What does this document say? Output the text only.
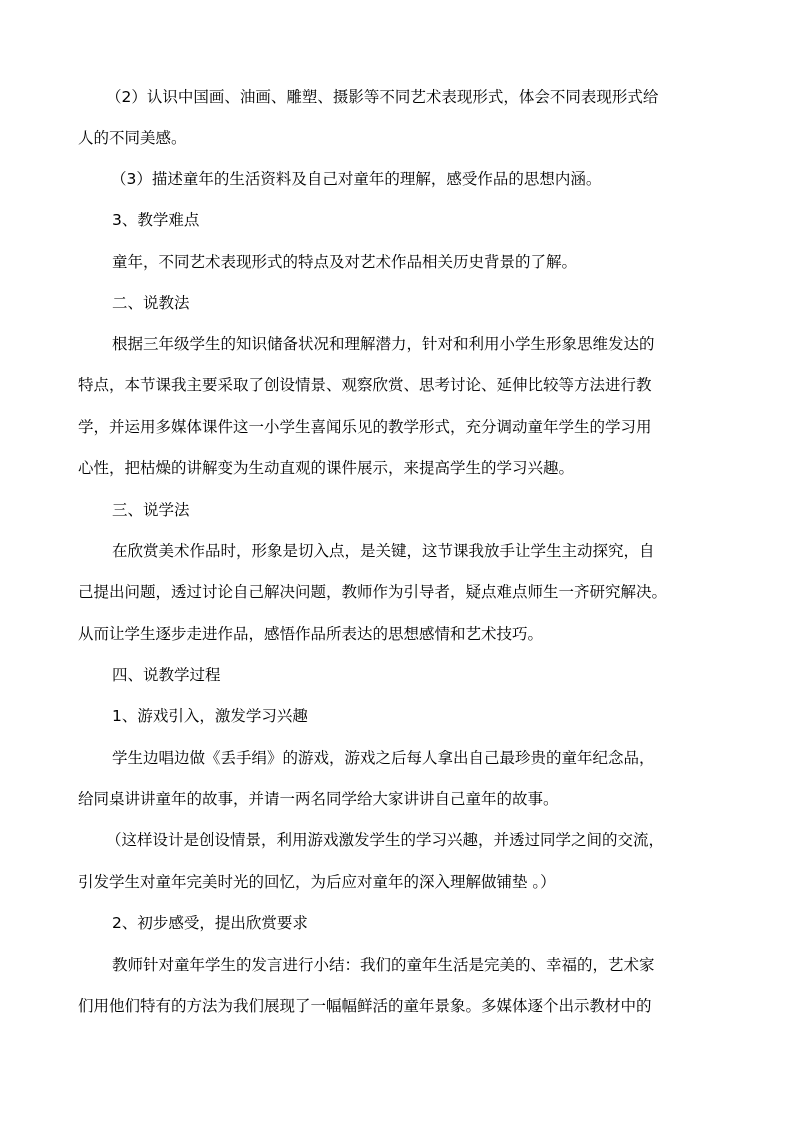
（2）认识中国画、油画、雕塑、摄影等不同艺术表现形式，体会不同表现形式给
人的不同美感。
（3）描述童年的生活资料及自己对童年的理解，感受作品的思想内涵。
3、教学难点
童年，不同艺术表现形式的特点及对艺术作品相关历史背景的了解。
二、说教法
根据三年级学生的知识储备状况和理解潜力，针对和利用小学生形象思维发达的
特点，本节课我主要采取了创设情景、观察欣赏、思考讨论、延伸比较等方法进行教
学，并运用多媒体课件这一小学生喜闻乐见的教学形式，充分调动童年学生的学习用
心性，把枯燥的讲解变为生动直观的课件展示，来提高学生的学习兴趣。
三、说学法
在欣赏美术作品时，形象是切入点，是关键，这节课我放手让学生主动探究，自
己提出问题，透过讨论自己解决问题，教师作为引导者，疑点难点师生一齐研究解决。
从而让学生逐步走进作品，感悟作品所表达的思想感情和艺术技巧。
四、说教学过程
1、游戏引入，激发学习兴趣
学生边唱边做《丢手绢》的游戏，游戏之后每人拿出自己最珍贵的童年纪念品，
给同桌讲讲童年的故事，并请一两名同学给大家讲讲自己童年的故事。
（这样设计是创设情景，利用游戏激发学生的学习兴趣，并透过同学之间的交流，
引发学生对童年完美时光的回忆，为后应对童年的深入理解做铺垫 。）
2、初步感受，提出欣赏要求
教师针对童年学生的发言进行小结：我们的童年生活是完美的、幸福的，艺术家
们用他们特有的方法为我们展现了一幅幅鲜活的童年景象。多媒体逐个出示教材中的
